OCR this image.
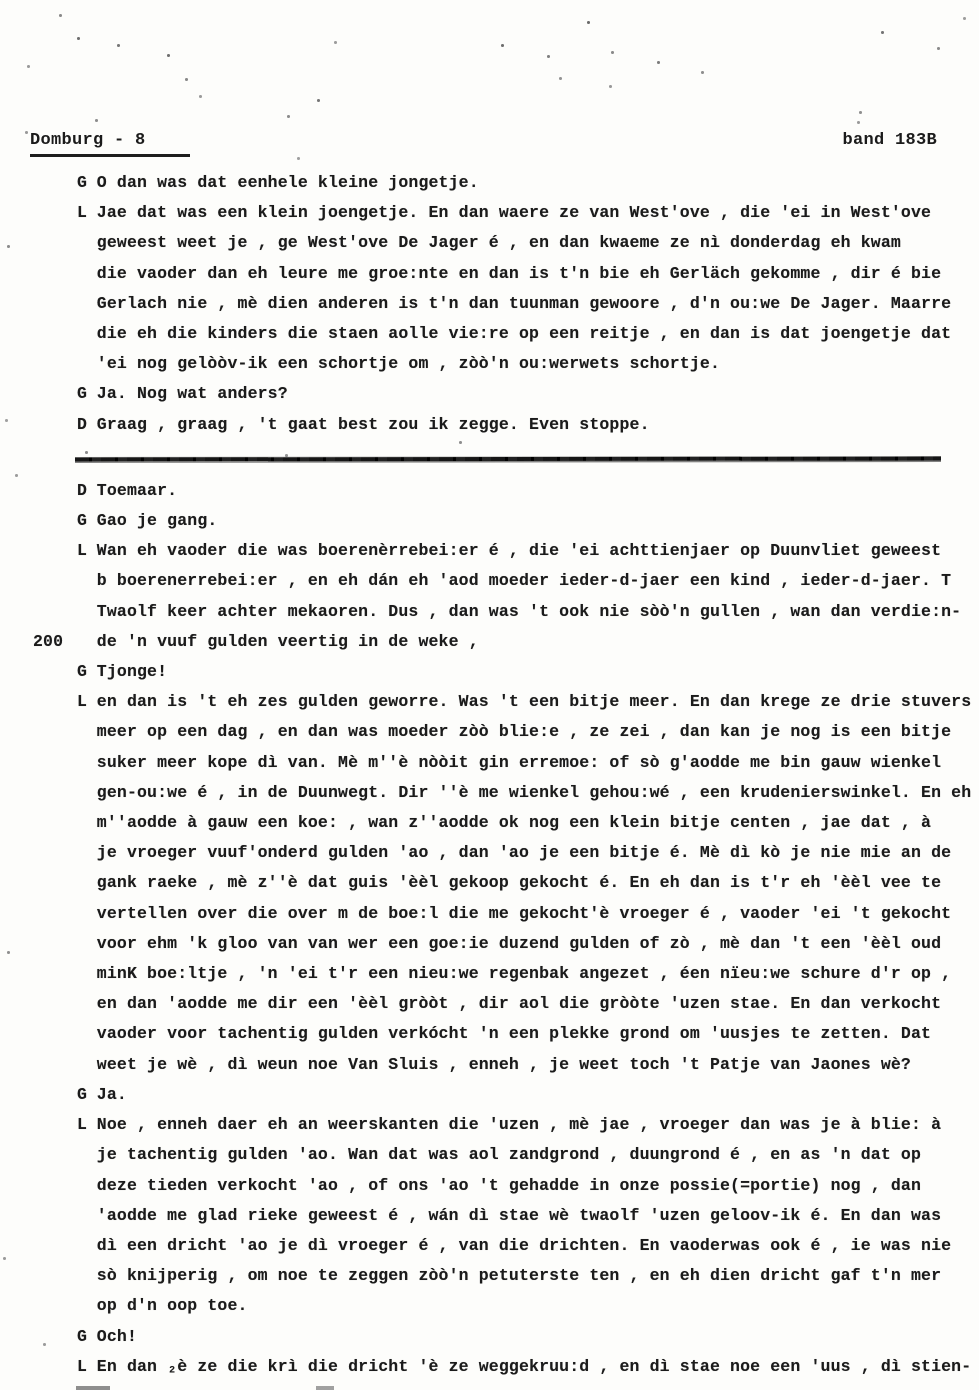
Domburg - 8	band 183B
G O dan was dat eenhele kleine jongetje.
L Jae dat was een klein joengetje. En dan waere ze van West'ove , die 'ei in West'ove
geweest weet je , ge West'ove De Jager é , en dan kwaeme ze nì donderdag eh kwam
die vaoder dan eh leure me groe:nte en dan is t'n bie eh Gerläch gekomme , dir é bie
Gerlach nie , mè dien anderen is t'n dan tuunman gewoore , d'n ou:we De Jager. Maarre
die eh die kinders die staen aolle vie:re op een reitje , en dan is dat joengetje dat
'ei nog gelòòv-ik een schortje om , zòò'n ou:werwets schortje.
G Ja. Nog wat anders?
D Graag , graag , 't gaat best zou ik zegge. Even stoppe.
D Toemaar.
G Gao je gang.
L Wan eh vaoder die was boerenèrrebei:er é , die 'ei achttienjaer op Duunvliet geweest
b boerenerrebei:er , en eh dán eh 'aod moeder ieder-d-jaer een kind , ieder-d-jaer. T
Twaolf keer achter mekaoren. Dus , dan was 't ook nie sòò'n gullen , wan dan verdie:n-
200 de 'n vuuf gulden veertig in de weke ,
G Tjonge!
L en dan is 't eh zes gulden geworre. Was 't een bitje meer. En dan krege ze drie stuvers
meer op een dag , en dan was moeder zòò blie:e , ze zei , dan kan je nog is een bitje
suker meer kope dì van. Mè m''è nòòit gin erremoe: of sò g'aodde me bin gauw wienkel
gen-ou:we é , in de Duunwegt. Dir ''è me wienkel gehou:wé , een krudenierswinkel. En eh
m''aodde à gauw een koe: , wan z''aodde ok nog een klein bitje centen , jae dat , à
je vroeger vuuf'onderd gulden 'ao , dan 'ao je een bitje é. Mè dì kò je nie mie an de
gank raeke , mè z''è dat guis 'èèl gekoop gekocht é. En eh dan is t'r eh 'èèl vee te
vertellen over die over m de boe:l die me gekocht'è vroeger é , vaoder 'ei 't gekocht
voor ehm 'k gloo van van wer een goe:ie duzend gulden of zò , mè dan 't een 'èèl oud
minK boe:ltje , 'n 'ei t'r een nieu:we regenbak angezet , éen nïeu:we schure d'r op ,
en dan 'aodde me dir een 'èèl gròòt , dir aol die gròòte 'uzen stae. En dan verkocht
vaoder voor tachentig gulden verkócht 'n een plekke grond om 'uusjes te zetten. Dat
weet je wè , dì weun noe Van Sluis , enneh , je weet toch 't Patje van Jaones wè?
G Ja.
L Noe , enneh daer eh an weerskanten die 'uzen , mè jae , vroeger dan was je à blie: à
je tachentig gulden 'ao. Wan dat was aol zandgrond , duungrond é , en as 'n dat op
deze tieden verkocht 'ao , of ons 'ao 't gehadde in onze possie(=portie) nog , dan
'aodde me glad rieke geweest é , wán dì stae wè twaolf 'uzen geloov-ik é. En dan was
dì een dricht 'ao je dì vroeger é , van die drichten. En vaoderwas ook é , ie was nie
sò knijperig , om noe te zeggen zòò'n petuterste ten , en eh dien dricht gaf t'n mer
op d'n oop toe.
G Och!
L En dan ₂è ze die krì die dricht 'è ze weggekruu:d , en dì stae noe een 'uus , dì stien-
